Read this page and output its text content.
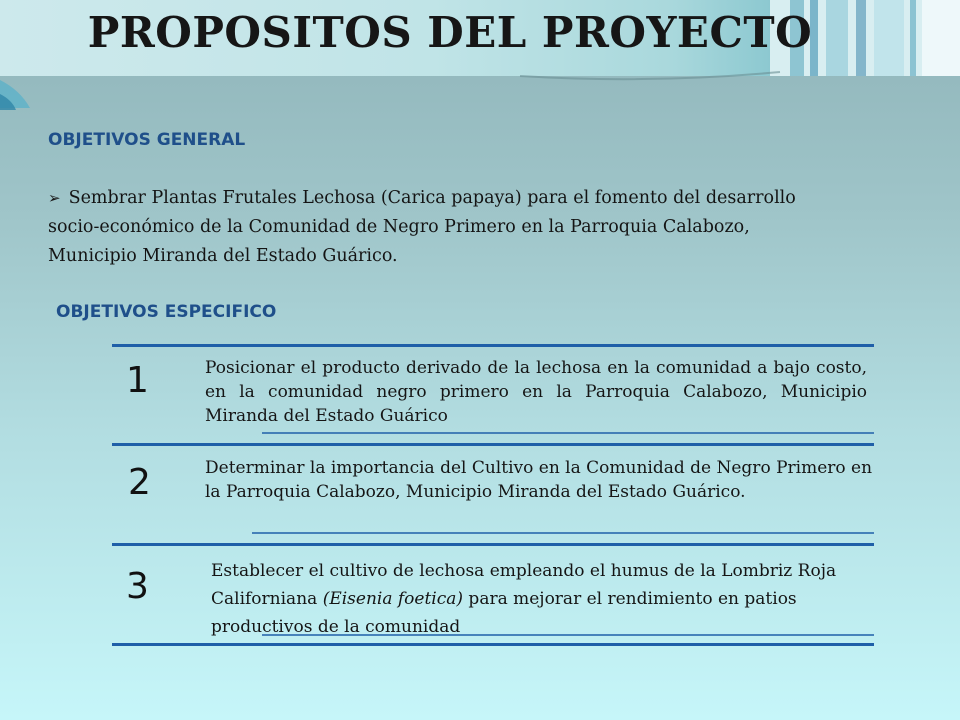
PROPOSITOS DEL PROYECTO
OBJETIVOS GENERAL

➢ Sembrar Plantas Frutales Lechosa (Carica papaya) para el fomento del desarrollo socio-económico de la Comunidad de Negro Primero en la Parroquia Calabozo, Municipio Miranda del Estado Guárico.

OBJETIVOS ESPECIFICO
1	Posicionar el producto derivado de la lechosa en la comunidad a bajo costo, en la comunidad negro primero en la Parroquia Calabozo, Municipio Miranda del Estado Guárico

2	Determinar la importancia del Cultivo en la Comunidad de Negro Primero en la Parroquia Calabozo, Municipio Miranda del Estado Guárico.

3	Establecer el cultivo de lechosa empleando el humus de la Lombriz Roja Californiana (Eisenia foetica) para mejorar el rendimiento en patios productivos de la comunidad
